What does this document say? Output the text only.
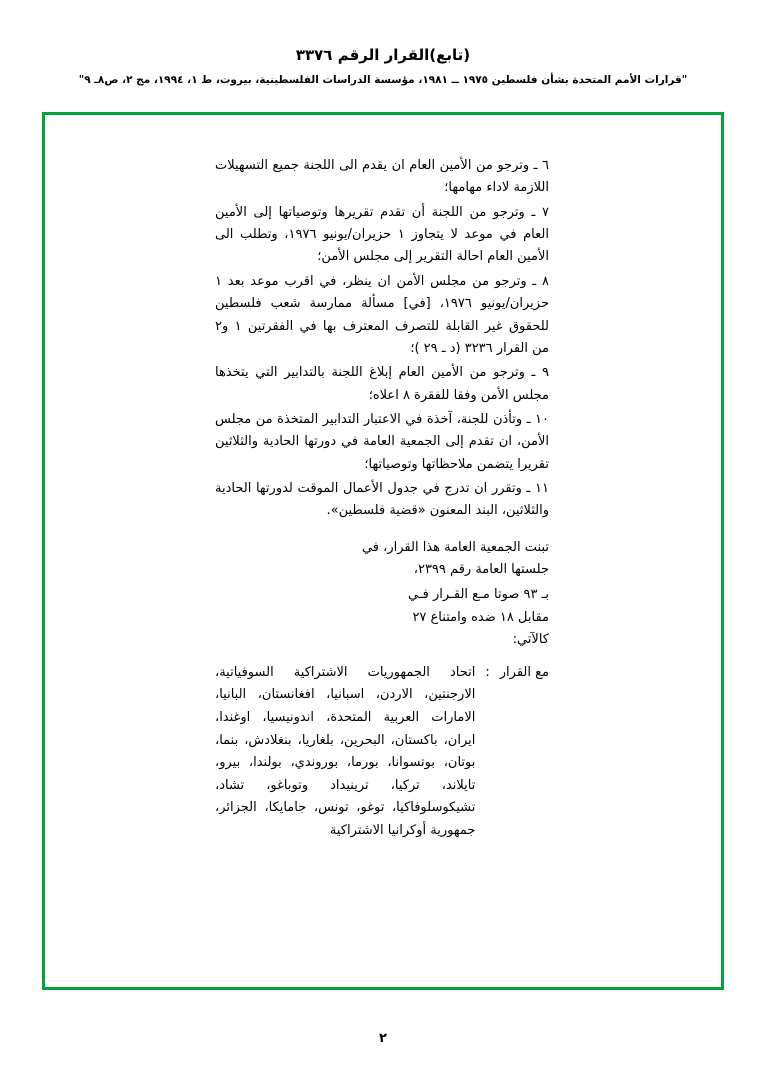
(تابع)القرار الرقم ٣٣٧٦
"قرارات الأمم المتحدة بشأن فلسطين ١٩٧٥ ــ ١٩٨١، مؤسسة الدراسات الفلسطينية، بيروت، ط ١، ١٩٩٤، مج ٢، ص٨ـ ٩"

٦ ـ وترجو من الأمين العام ان يقدم الى اللجنة جميع التسهيلات اللازمة لاداء مهامها؛

٧ ـ وترجو من اللجنة أن تقدم تقريرها وتوصياتها إلى الأمين العام في موعد لا يتجاوز ١ حزيران/يونيو ١٩٧٦، وتطلب الى الأمين العام احالة التقرير إلى مجلس الأمن؛

٨ ـ وترجو من مجلس الأمن ان ينظر، في اقرب موعد بعد ١ حزيران/يونيو ١٩٧٦، [في] مسألة ممارسة شعب فلسطين للحقوق غير القابلة للتصرف المعترف بها في الفقرتين ١ و٢ من القرار ٣٢٣٦ (د ـ ٢٩ )؛

٩ ـ وترجو من الأمين العام إبلاغ اللجنة بالتدابير التي يتخذها مجلس الأمن وفقا للفقرة ٨ اعلاه؛

١٠ ـ وتأذن للجنة، آخذة في الاعتبار التدابير المتخذة من مجلس الأمن، ان تقدم إلى الجمعية العامة في دورتها الحادية والثلاثين تقريرا يتضمن ملاحظاتها وتوصياتها؛

١١ ـ وتقرر ان تدرج في جدول الأعمال الموقت لدورتها الحادية والثلاثين، البند المعنون «قضية فلسطين».

تبنت الجمعية العامة هذا القرار، في

جلستها العامة رقم ٢٣٩٩،

بـ ٩٣ صوتا مـع القـرار فـي

مقابل ١٨ ضده وامتناع ٢٧

كالآتي:

مع القرار
:
اتحاد الجمهوريات الاشتراكية السوفياتية، الارجنتين، الاردن، اسبانيا، افغانستان، البانيا، الامارات العربية المتحدة، اندونيسيا، اوغندا، ايران، باكستان، البحرين، بلغاريا، بنغلادش، بنما، بوتان، بوتسوانا، بورما، بوروندي، بولندا، بيرو، تايلاند، تركيا، ترينيداد وتوباغو، تشاد، تشيكوسلوفاكيا، توغو، تونس، جامايكا، الجزائر، جمهورية أوكرانيا الاشتراكية
٢
